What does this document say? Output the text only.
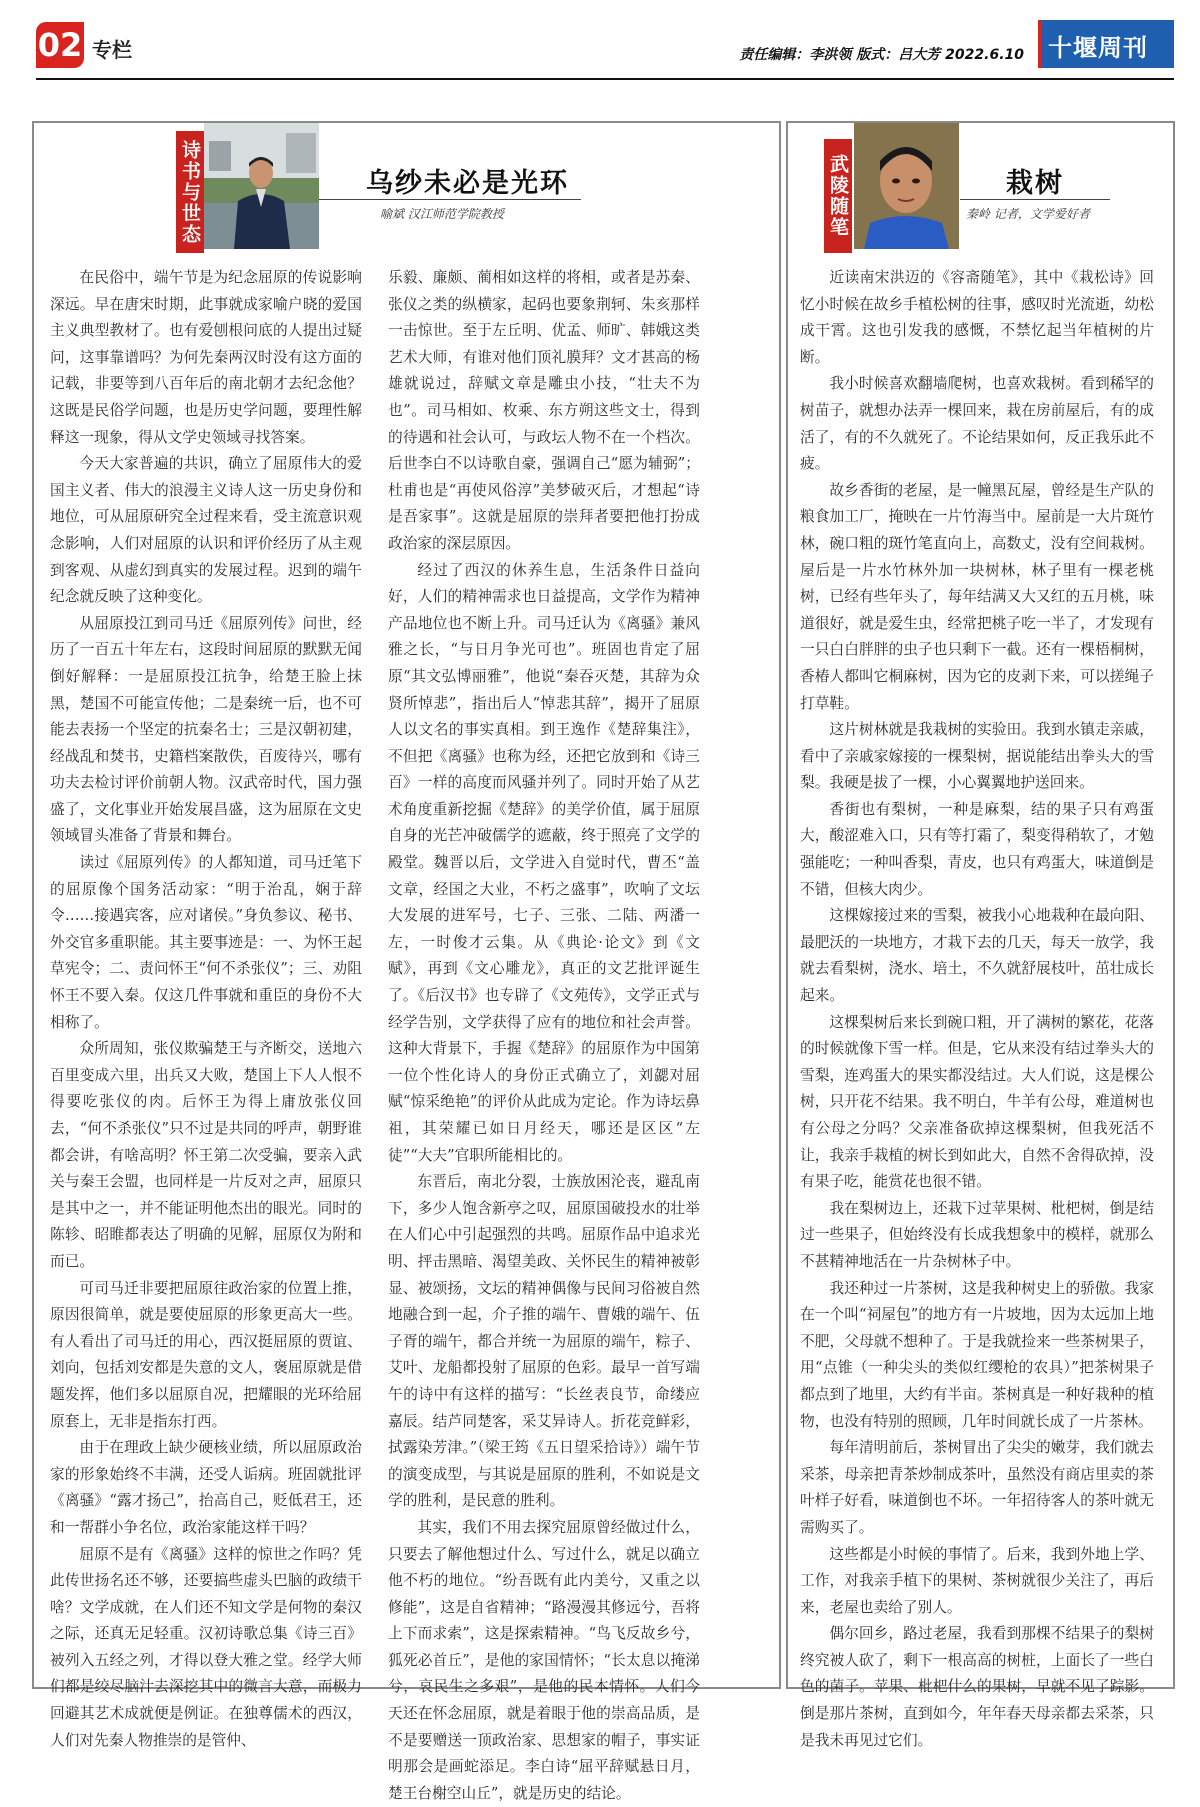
02 专栏	责任编辑：李洪领 版式：吕大芳 2022.6.10 十堰周刊
诗书与世态	乌纱未必是光环
喻斌 汉江师范学院教授

在民俗中，端午节是为纪念屈原的传说影响深远。早在唐宋时期，此事就成家喻户晓的爱国主义典型教材了。也有爱刨根问底的人提出过疑问，这事靠谱吗？为何先秦两汉时没有这方面的记载，非要等到八百年后的南北朝才去纪念他？这既是民俗学问题，也是历史学问题，要理性解释这一现象，得从文学史领域寻找答案。

今天大家普遍的共识，确立了屈原伟大的爱国主义者、伟大的浪漫主义诗人这一历史身份和地位，可从屈原研究全过程来看，受主流意识观念影响，人们对屈原的认识和评价经历了从主观到客观、从虚幻到真实的发展过程。迟到的端午纪念就反映了这种变化。

从屈原投江到司马迁《屈原列传》问世，经历了一百五十年左右，这段时间屈原的默默无闻倒好解释：一是屈原投江抗争，给楚王脸上抹黑，楚国不可能宣传他；二是秦统一后，也不可能去表扬一个坚定的抗秦名士；三是汉朝初建，经战乱和焚书，史籍档案散佚，百废待兴，哪有功夫去检讨评价前朝人物。汉武帝时代，国力强盛了，文化事业开始发展昌盛，这为屈原在文史领域冒头准备了背景和舞台。

读过《屈原列传》的人都知道，司马迁笔下的屈原像个国务活动家：“明于治乱，娴于辞令……接遇宾客，应对诸侯。”身负参议、秘书、外交官多重职能。其主要事迹是：一、为怀王起草宪令；二、责问怀王“何不杀张仪”；三、劝阻怀王不要入秦。仅这几件事就和重臣的身份不大相称了。

众所周知，张仪欺骗楚王与齐断交，送地六百里变成六里，出兵又大败，楚国上下人人恨不得要吃张仪的肉。后怀王为得上庸放张仪回去，“何不杀张仪”只不过是共同的呼声，朝野谁都会讲，有啥高明？怀王第二次受骗，要亲入武关与秦王会盟，也同样是一片反对之声，屈原只是其中之一，并不能证明他杰出的眼光。同时的陈轸、昭睢都表达了明确的见解，屈原仅为附和而已。

可司马迁非要把屈原往政治家的位置上推，原因很简单，就是要使屈原的形象更高大一些。有人看出了司马迁的用心，西汉挺屈原的贾谊、刘向，包括刘安都是失意的文人，褒屈原就是借题发挥，他们多以屈原自况，把耀眼的光环给屈原套上，无非是指东打西。

由于在理政上缺少硬核业绩，所以屈原政治家的形象始终不丰满，还受人诟病。班固就批评《离骚》“露才扬己”，抬高自己，贬低君王，还和一帮群小争名位，政治家能这样干吗？

屈原不是有《离骚》这样的惊世之作吗？凭此传世扬名还不够，还要搞些虚头巴脑的政绩干啥？文学成就，在人们还不知文学是何物的秦汉之际，还真无足轻重。汉初诗歌总集《诗三百》被列入五经之列，才得以登大雅之堂。经学大师们都是绞尽脑汁去深挖其中的微言大意，而极力回避其艺术成就便是例证。在独尊儒术的西汉，人们对先秦人物推崇的是管仲、

乐毅、廉颇、蔺相如这样的将相，或者是苏秦、张仪之类的纵横家，起码也要象荆轲、朱亥那样一击惊世。至于左丘明、优孟、师旷、韩娥这类艺术大师，有谁对他们顶礼膜拜？文才甚高的杨雄就说过，辞赋文章是雕虫小技，“壮夫不为也”。司马相如、枚乘、东方朔这些文士，得到的待遇和社会认可，与政坛人物不在一个档次。后世李白不以诗歌自豪，强调自己“愿为辅弼”；杜甫也是“再使风俗淳”美梦破灭后，才想起“诗是吾家事”。这就是屈原的崇拜者要把他打扮成政治家的深层原因。

经过了西汉的休养生息，生活条件日益向好，人们的精神需求也日益提高，文学作为精神产品地位也不断上升。司马迁认为《离骚》兼风雅之长，“与日月争光可也”。班固也肯定了屈原“其文弘博丽雅”，他说“秦吞灭楚，其辞为众贤所悼悲”，指出后人“悼悲其辞”，揭开了屈原人以文名的事实真相。到王逸作《楚辞集注》，不但把《离骚》也称为经，还把它放到和《诗三百》一样的高度而风骚并列了。同时开始了从艺术角度重新挖掘《楚辞》的美学价值，属于屈原自身的光芒冲破儒学的遮蔽，终于照亮了文学的殿堂。魏晋以后，文学进入自觉时代，曹丕“盖文章，经国之大业，不朽之盛事”，吹响了文坛大发展的进军号，七子、三张、二陆、两潘一左，一时俊才云集。从《典论·论文》到《文赋》，再到《文心雕龙》，真正的文艺批评诞生了。《后汉书》也专辟了《文苑传》，文学正式与经学告别，文学获得了应有的地位和社会声誉。这种大背景下，手握《楚辞》的屈原作为中国第一位个性化诗人的身份正式确立了，刘勰对屈赋“惊采绝艳”的评价从此成为定论。作为诗坛鼻祖，其荣耀已如日月经天，哪还是区区“左徒”“大夫”官职所能相比的。

东晋后，南北分裂，士族放困沦丧，避乱南下，多少人饱含新亭之叹，屈原国破投水的壮举在人们心中引起强烈的共鸣。屈原作品中追求光明、抨击黑暗、渴望美政、关怀民生的精神被彰显、被颂扬，文坛的精神偶像与民间习俗被自然地融合到一起，介子推的端午、曹娥的端午、伍子胥的端午，都合并统一为屈原的端午，粽子、艾叶、龙船都投射了屈原的色彩。最早一首写端午的诗中有这样的描写：“长丝表良节，命缕应嘉辰。结芦同楚客，采艾异诗人。折花竞鲜彩，拭露染芳津。”（梁王筠《五日望采拾诗》）端午节的演变成型，与其说是屈原的胜利，不如说是文学的胜利，是民意的胜利。

其实，我们不用去探究屈原曾经做过什么，只要去了解他想过什么、写过什么，就足以确立他不朽的地位。“纷吾既有此内美兮，又重之以修能”，这是自省精神；“路漫漫其修远兮，吾将上下而求索”，这是探索精神。“鸟飞反故乡兮，狐死必首丘”，是他的家国情怀；“长太息以掩涕兮，哀民生之多艰”，是他的民本情怀。人们今天还在怀念屈原，就是着眼于他的崇高品质，是不是要赠送一顶政治家、思想家的帽子，事实证明那会是画蛇添足。李白诗“屈平辞赋悬日月，楚王台榭空山丘”，就是历史的结论。

武陵随笔	栽树
秦岭 记者，文学爱好者

近读南宋洪迈的《容斋随笔》，其中《栽松诗》回忆小时候在故乡手植松树的往事，感叹时光流逝，幼松成干霄。这也引发我的感慨，不禁忆起当年植树的片断。

我小时候喜欢翻墙爬树，也喜欢栽树。看到稀罕的树苗子，就想办法弄一棵回来，栽在房前屋后，有的成活了，有的不久就死了。不论结果如何，反正我乐此不疲。

故乡香街的老屋，是一幢黑瓦屋，曾经是生产队的粮食加工厂，掩映在一片竹海当中。屋前是一大片斑竹林，碗口粗的斑竹笔直向上，高数丈，没有空间栽树。屋后是一片水竹林外加一块树林，林子里有一棵老桃树，已经有些年头了，每年结满又大又红的五月桃，味道很好，就是爱生虫，经常把桃子吃一半了，才发现有一只白白胖胖的虫子也只剩下一截。还有一棵梧桐树，香椿人都叫它桐麻树，因为它的皮剥下来，可以搓绳子打草鞋。

这片树林就是我栽树的实验田。我到水镇走亲戚，看中了亲戚家嫁接的一棵梨树，据说能结出拳头大的雪梨。我硬是拔了一棵，小心翼翼地护送回来。

香街也有梨树，一种是麻梨，结的果子只有鸡蛋大，酸涩难入口，只有等打霜了，梨变得稍软了，才勉强能吃；一种叫香梨，青皮，也只有鸡蛋大，味道倒是不错，但核大肉少。

这棵嫁接过来的雪梨，被我小心地栽种在最向阳、最肥沃的一块地方，才栽下去的几天，每天一放学，我就去看梨树，浇水、培土，不久就舒展枝叶，茁壮成长起来。

这棵梨树后来长到碗口粗，开了满树的繁花，花落的时候就像下雪一样。但是，它从来没有结过拳头大的雪梨，连鸡蛋大的果实都没结过。大人们说，这是棵公树，只开花不结果。我不明白，牛羊有公母，难道树也有公母之分吗？父亲准备砍掉这棵梨树，但我死活不让，我亲手栽植的树长到如此大，自然不舍得砍掉，没有果子吃，能赏花也很不错。

我在梨树边上，还栽下过苹果树、枇杷树，倒是结过一些果子，但始终没有长成我想象中的模样，就那么不甚精神地活在一片杂树林子中。

我还种过一片茶树，这是我种树史上的骄傲。我家在一个叫“祠屋包”的地方有一片坡地，因为太远加上地不肥，父母就不想种了。于是我就捡来一些茶树果子，用“点锥（一种尖头的类似红缨枪的农具）”把茶树果子都点到了地里，大约有半亩。茶树真是一种好栽种的植物，也没有特别的照顾，几年时间就长成了一片茶林。

每年清明前后，茶树冒出了尖尖的嫩芽，我们就去采茶，母亲把青茶炒制成茶叶，虽然没有商店里卖的茶叶样子好看，味道倒也不坏。一年招待客人的茶叶就无需购买了。

这些都是小时候的事情了。后来，我到外地上学、工作，对我亲手植下的果树、茶树就很少关注了，再后来，老屋也卖给了别人。

偶尔回乡，路过老屋，我看到那棵不结果子的梨树终究被人砍了，剩下一根高高的树桩，上面长了一些白色的菌子。苹果、枇杷什么的果树，早就不见了踪影。倒是那片茶树，直到如今，年年春天母亲都去采茶，只是我未再见过它们。
